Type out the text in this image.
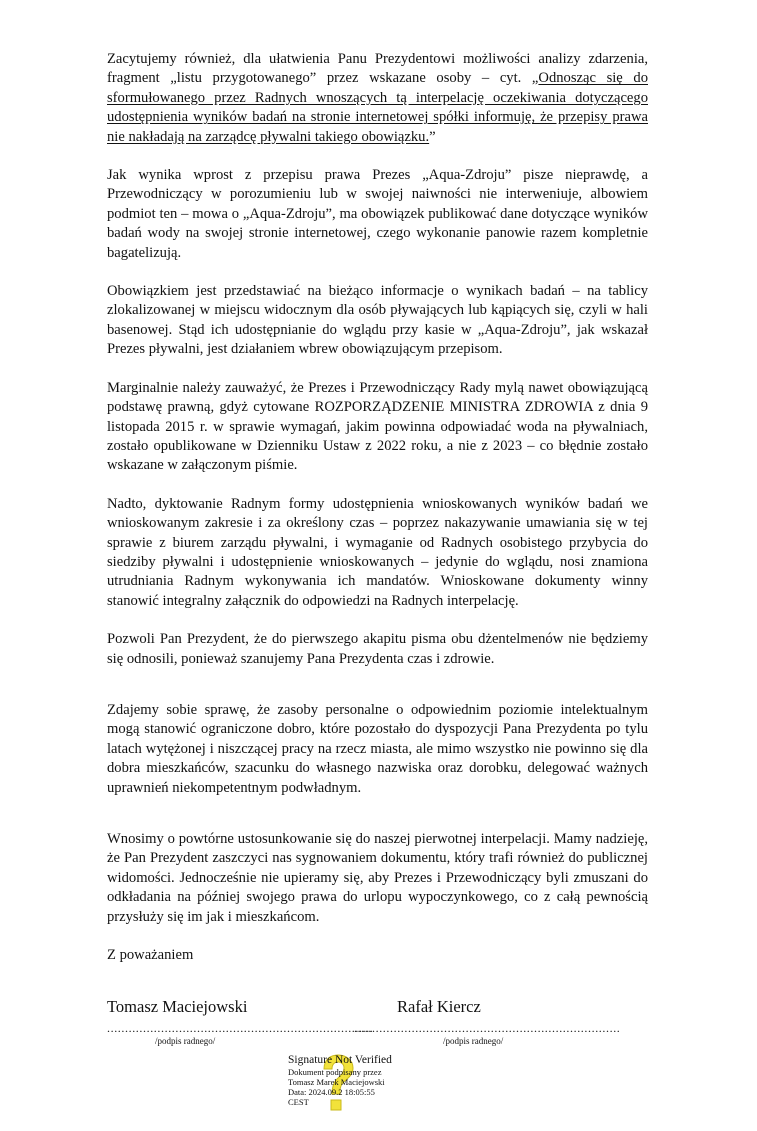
Zacytujemy również, dla ułatwienia Panu Prezydentowi możliwości analizy zdarzenia, fragment „listu przygotowanego” przez wskazane osoby – cyt. „Odnosząc się do sformułowanego przez Radnych wnoszących tą interpelację oczekiwania dotyczącego udostępnienia wyników badań na stronie internetowej spółki informuję, że przepisy prawa nie nakładają na zarządcę pływalni takiego obowiązku.”

Jak wynika wprost z przepisu prawa Prezes „Aqua-Zdroju” pisze nieprawdę, a Przewodniczący w porozumieniu lub w swojej naiwności nie interweniuje, albowiem podmiot ten – mowa o „Aqua-Zdroju”, ma obowiązek publikować dane dotyczące wyników badań wody na swojej stronie internetowej, czego wykonanie panowie razem kompletnie bagatelizują.

Obowiązkiem jest przedstawiać na bieżąco informacje o wynikach badań – na tablicy zlokalizowanej w miejscu widocznym dla osób pływających lub kąpiących się, czyli w hali basenowej. Stąd ich udostępnianie do wglądu przy kasie w „Aqua-Zdroju”, jak wskazał Prezes pływalni, jest działaniem wbrew obowiązującym przepisom.

Marginalnie należy zauważyć, że Prezes i Przewodniczący Rady mylą nawet obowiązującą podstawę prawną, gdyż cytowane ROZPORZĄDZENIE MINISTRA ZDROWIA z dnia 9 listopada 2015 r. w sprawie wymagań, jakim powinna odpowiadać woda na pływalniach, zostało opublikowane w Dzienniku Ustaw z 2022 roku, a nie z 2023 – co błędnie zostało wskazane w załączonym piśmie.

Nadto, dyktowanie Radnym formy udostępnienia wnioskowanych wyników badań we wnioskowanym zakresie i za określony czas – poprzez nakazywanie umawiania się w tej sprawie z biurem zarządu pływalni, i wymaganie od Radnych osobistego przybycia do siedziby pływalni i udostępnienie wnioskowanych – jedynie do wglądu, nosi znamiona utrudniania Radnym wykonywania ich mandatów. Wnioskowane dokumenty winny stanowić integralny załącznik do odpowiedzi na Radnych interpelację.

Pozwoli Pan Prezydent, że do pierwszego akapitu pisma obu dżentelmenów nie będziemy się odnosili, ponieważ szanujemy Pana Prezydenta czas i zdrowie.

Zdajemy sobie sprawę, że zasoby personalne o odpowiednim poziomie intelektualnym mogą stanowić ograniczone dobro, które pozostało do dyspozycji Pana Prezydenta po tylu latach wytężonej i niszczącej pracy na rzecz miasta, ale mimo wszystko nie powinno się dla dobra mieszkańców, szacunku do własnego nazwiska oraz dorobku, delegować ważnych uprawnień niekompetentnym podwładnym.

Wnosimy o powtórne ustosunkowanie się do naszej pierwotnej interpelacji. Mamy nadzieję, że Pan Prezydent zaszczyci nas sygnowaniem dokumentu, który trafi również do publicznej widomości. Jednocześnie nie upieramy się, aby Prezes i Przewodniczący byli zmuszani do odkładania na później swojego prawa do urlopu wypoczynkowego, co z całą pewnością przysłuży się im jak i mieszkańcom.

Z poważaniem
Tomasz Maciejowski
..........................................................................
/podpis radnego/
Rafał Kiercz
..........................................................................
/podpis radnego/
Signature Not Verified
Dokument podpisany przez
Tomasz Marek Maciejowski
Data: 2024.09.2 18:05:55
CEST
